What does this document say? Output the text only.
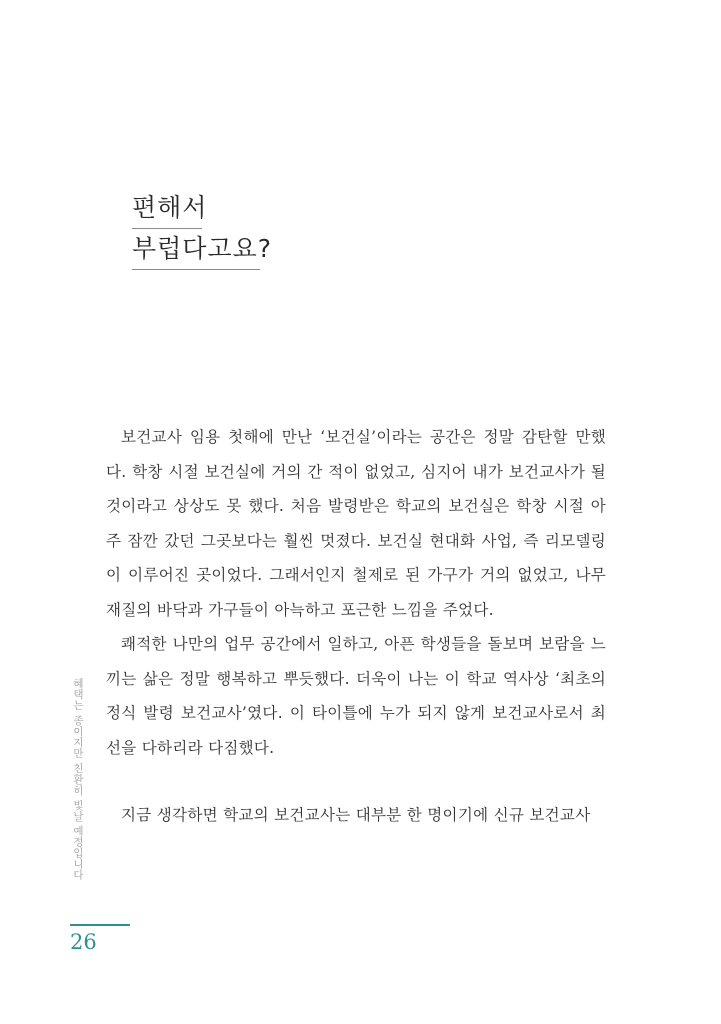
편해서
부럽다고요?

보건교사 임용 첫해에 만난 ‘보건실’이라는 공간은 정말 감탄할 만했다. 학창 시절 보건실에 거의 간 적이 없었고, 심지어 내가 보건교사가 될 것이라고 상상도 못 했다. 처음 발령받은 학교의 보건실은 학창 시절 아주 잠깐 갔던 그곳보다는 훨씬 멋졌다. 보건실 현대화 사업, 즉 리모델링이 이루어진 곳이었다. 그래서인지 철제로 된 가구가 거의 없었고, 나무 재질의 바닥과 가구들이 아늑하고 포근한 느낌을 주었다.

쾌적한 나만의 업무 공간에서 일하고, 아픈 학생들을 돌보며 보람을 느끼는 삶은 정말 행복하고 뿌듯했다. 더욱이 나는 이 학교 역사상 ‘최초의 정식 발령 보건교사’였다. 이 타이틀에 누가 되지 않게 보건교사로서 최선을 다하리라 다짐했다.

지금 생각하면 학교의 보건교사는 대부분 한 명이기에 신규 보건교사

혜택는 종이지만 친환히 빛날 예정입니다
26
